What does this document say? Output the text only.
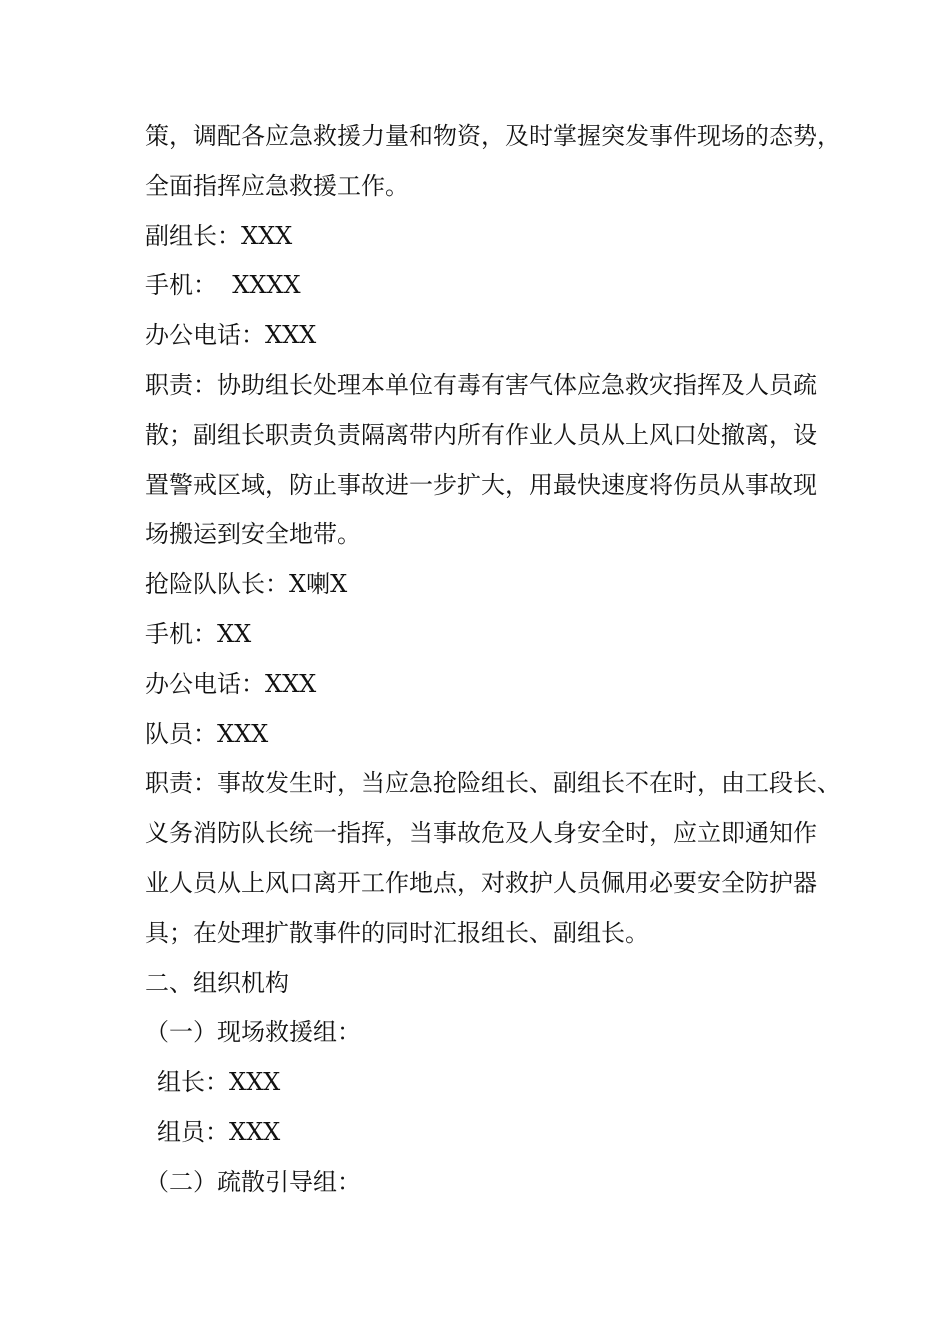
策，调配各应急救援力量和物资，及时掌握突发事件现场的态势，
全面指挥应急救援工作。
副组长：XXX
手机：  XXXX
办公电话：XXX
职责：协助组长处理本单位有毒有害气体应急救灾指挥及人员疏
散；副组长职责负责隔离带内所有作业人员从上风口处撤离，设
置警戒区域，防止事故进一步扩大，用最快速度将伤员从事故现
场搬运到安全地带。
抢险队队长：X喇X
手机：XX
办公电话：XXX
队员：XXX
职责：事故发生时，当应急抢险组长、副组长不在时，由工段长、
义务消防队长统一指挥，当事故危及人身安全时，应立即通知作
业人员从上风口离开工作地点，对救护人员佩用必要安全防护器
具；在处理扩散事件的同时汇报组长、副组长。
二、组织机构
（一）现场救援组：
组长：XXX
组员：XXX
（二）疏散引导组：
